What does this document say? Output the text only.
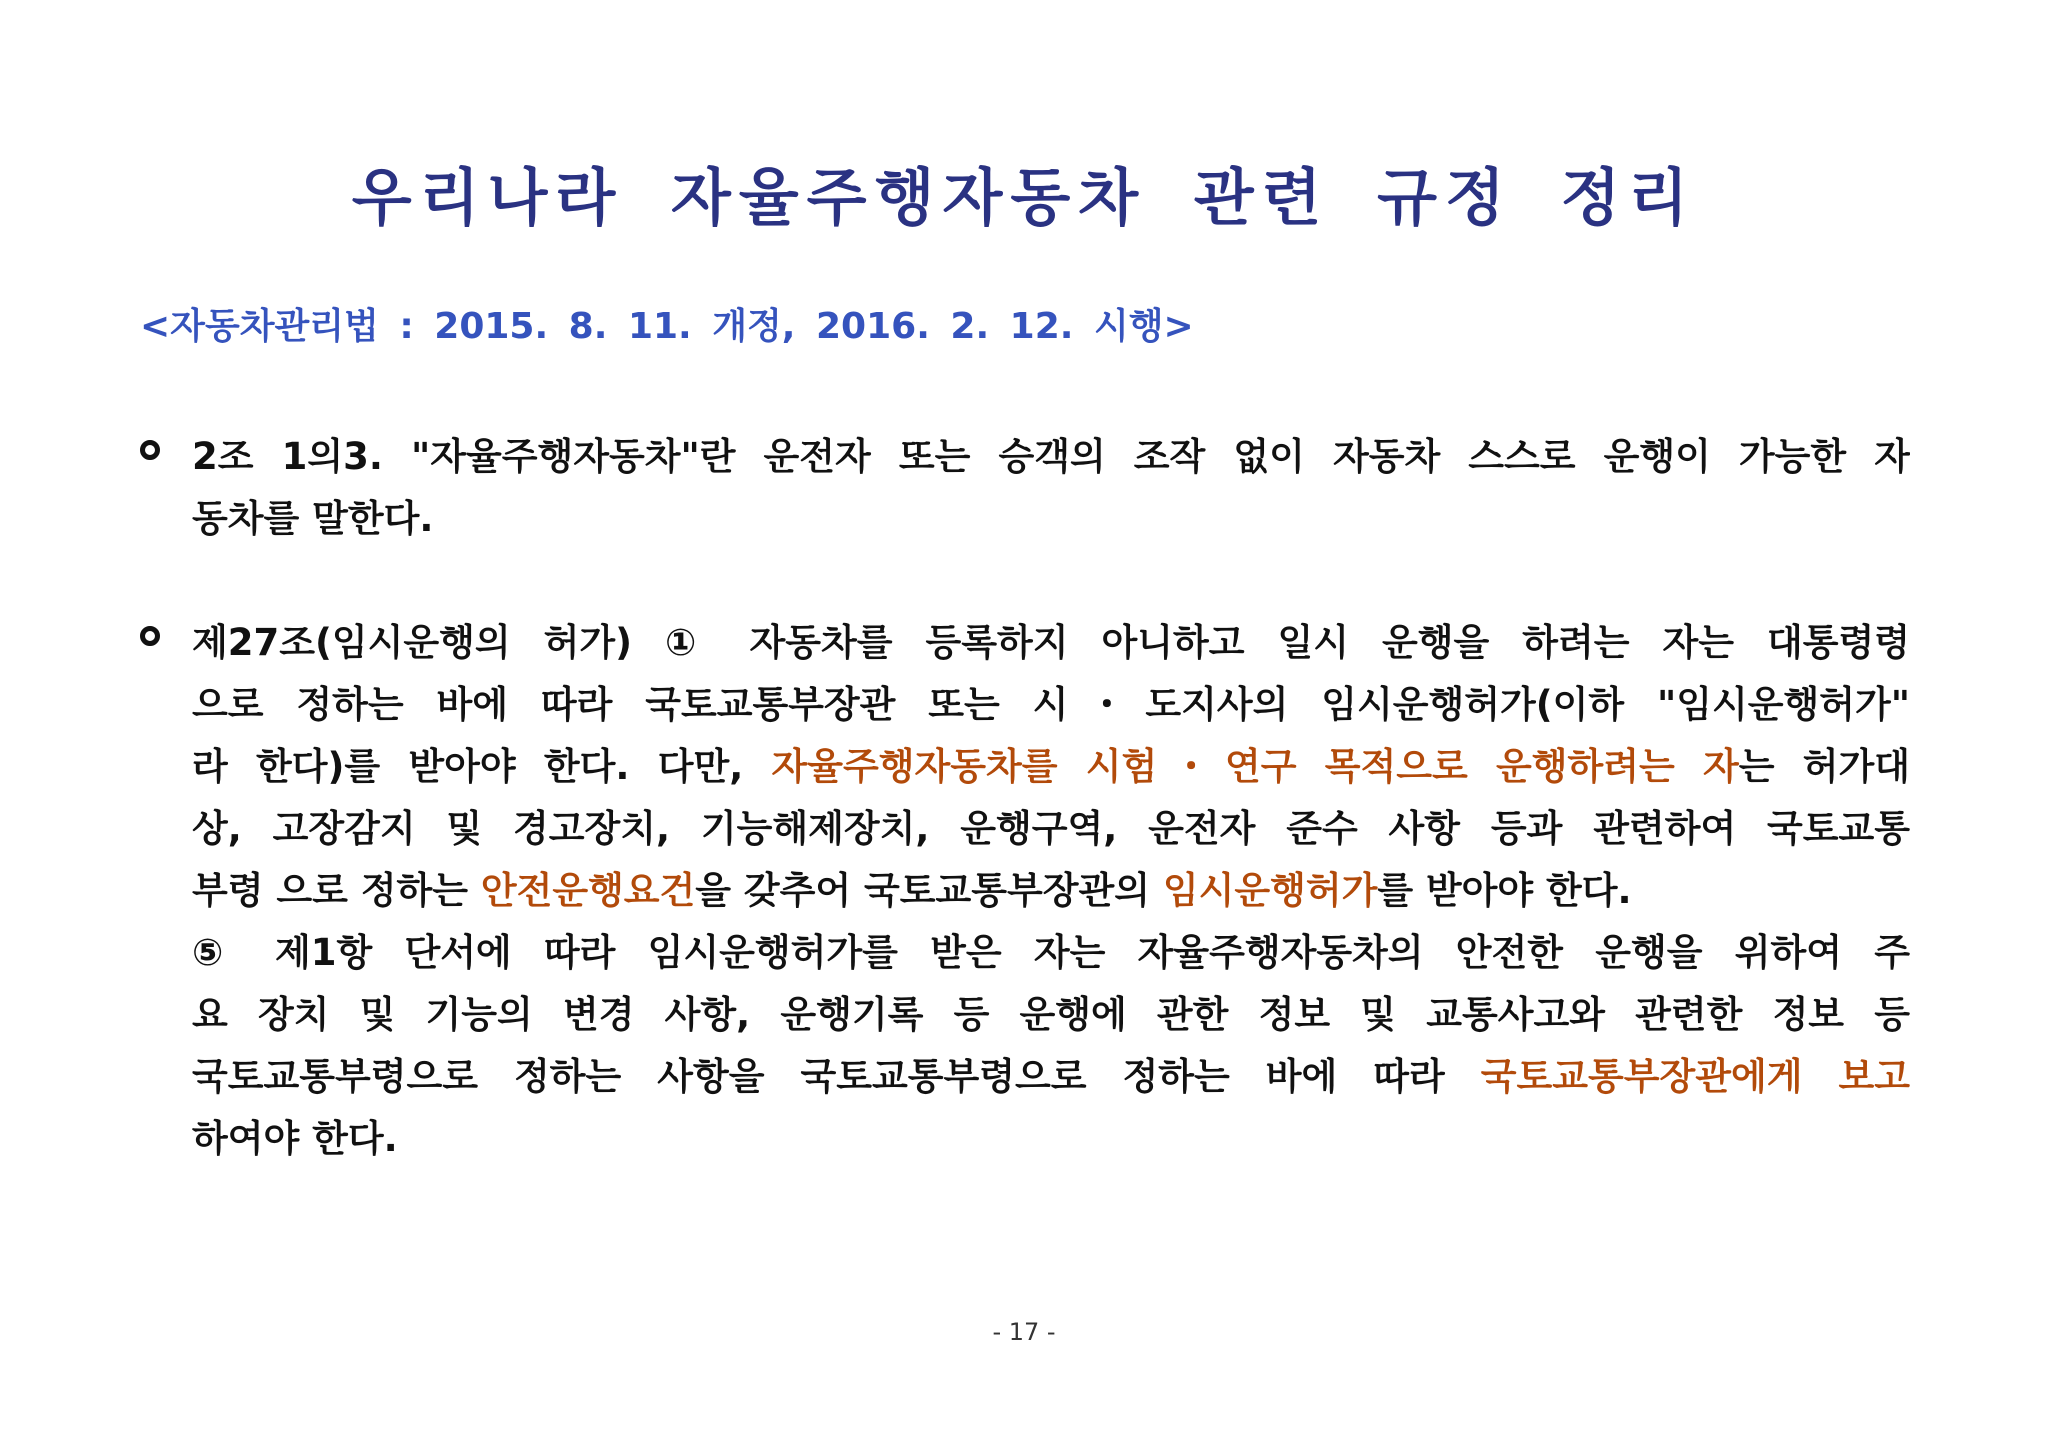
우리나라 자율주행자동차 관련 규정 정리
<자동차관리법 : 2015. 8. 11. 개정, 2016. 2. 12. 시행>
2조 1의3. "자율주행자동차"란 운전자 또는 승객의 조작 없이 자동차 스스로 운행이 가능한 자
동차를 말한다.
제27조(임시운행의 허가) ① 자동차를 등록하지 아니하고 일시 운행을 하려는 자는 대통령령
으로 정하는 바에 따라 국토교통부장관 또는 시・도지사의 임시운행허가(이하 "임시운행허가"
라 한다)를 받아야 한다. 다만, 자율주행자동차를 시험・연구 목적으로 운행하려는 자는 허가대
상, 고장감지 및 경고장치, 기능해제장치, 운행구역, 운전자 준수 사항 등과 관련하여 국토교통
부령 으로 정하는 안전운행요건을 갖추어 국토교통부장관의 임시운행허가를 받아야 한다.
⑤ 제1항 단서에 따라 임시운행허가를 받은 자는 자율주행자동차의 안전한 운행을 위하여 주
요 장치 및 기능의 변경 사항, 운행기록 등 운행에 관한 정보 및 교통사고와 관련한 정보 등
국토교통부령으로 정하는 사항을 국토교통부령으로 정하는 바에 따라 국토교통부장관에게 보고
하여야 한다.
- 17 -
